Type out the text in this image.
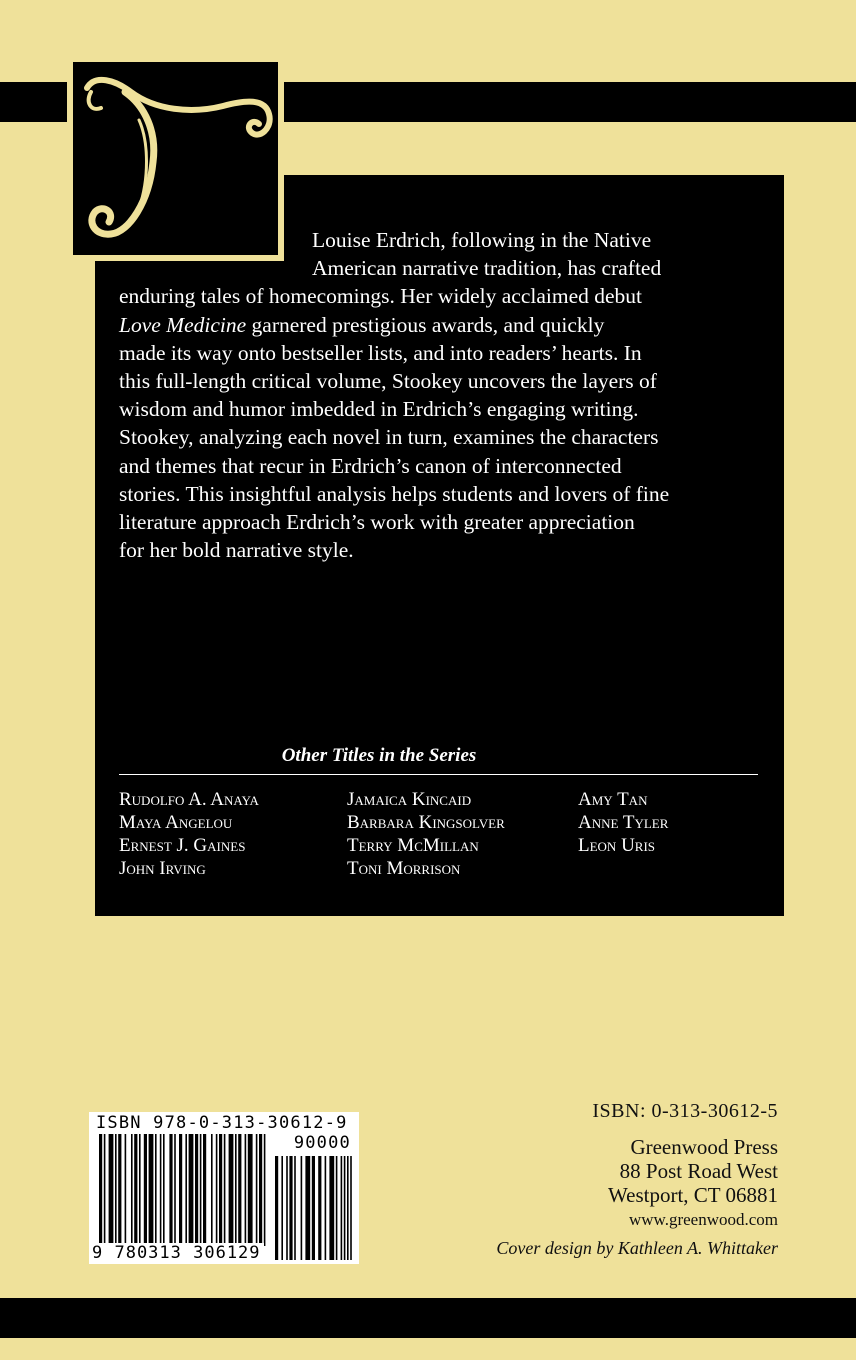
Louise Erdrich, following in the Native
American narrative tradition, has crafted
enduring tales of homecomings. Her widely acclaimed debut
Love Medicine garnered prestigious awards, and quickly
made its way onto bestseller lists, and into readers’ hearts. In
this full-length critical volume, Stookey uncovers the layers of
wisdom and humor imbedded in Erdrich’s engaging writing.
Stookey, analyzing each novel in turn, examines the characters
and themes that recur in Erdrich’s canon of interconnected
stories. This insightful analysis helps students and lovers of fine
literature approach Erdrich’s work with greater appreciation
for her bold narrative style.
Other Titles in the Series
Rudolfo A. Anaya
Maya Angelou
Ernest J. Gaines
John Irving
Jamaica Kincaid
Barbara Kingsolver
Terry McMillan
Toni Morrison
Amy Tan
Anne Tyler
Leon Uris
ISBN 978-0-313-30612-9
90000
9 780313 306129
ISBN: 0-313-30612-5
Greenwood Press
88 Post Road West
Westport, CT 06881
www.greenwood.com
Cover design by Kathleen A. Whittaker
